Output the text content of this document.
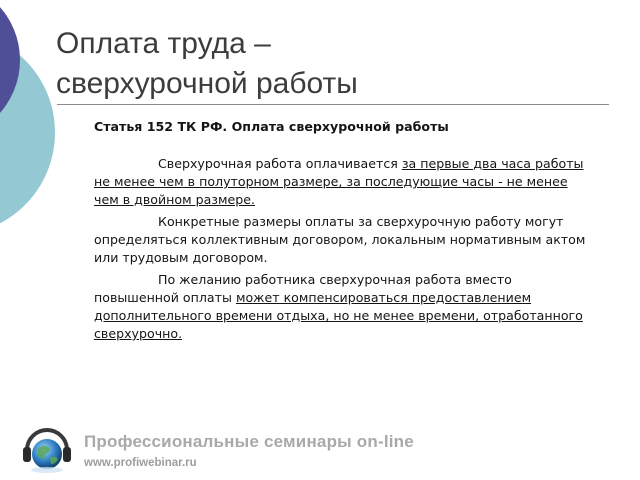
Оплата труда –
сверхурочной работы

Статья 152 ТК РФ. Оплата сверхурочной работы

Сверхурочная работа оплачивается за первые два часа работы не менее чем в полуторном размере, за последующие часы - не менее чем в двойном размере.

Конкретные размеры оплаты за сверхурочную работу могут определяться коллективным договором, локальным нормативным актом или трудовым договором.

По желанию работника сверхурочная работа вместо повышенной оплаты может компенсироваться предоставлением дополнительного времени отдыха, но не менее времени, отработанного сверхурочно.

Профессиональные семинары on-line
www.profiwebinar.ru
